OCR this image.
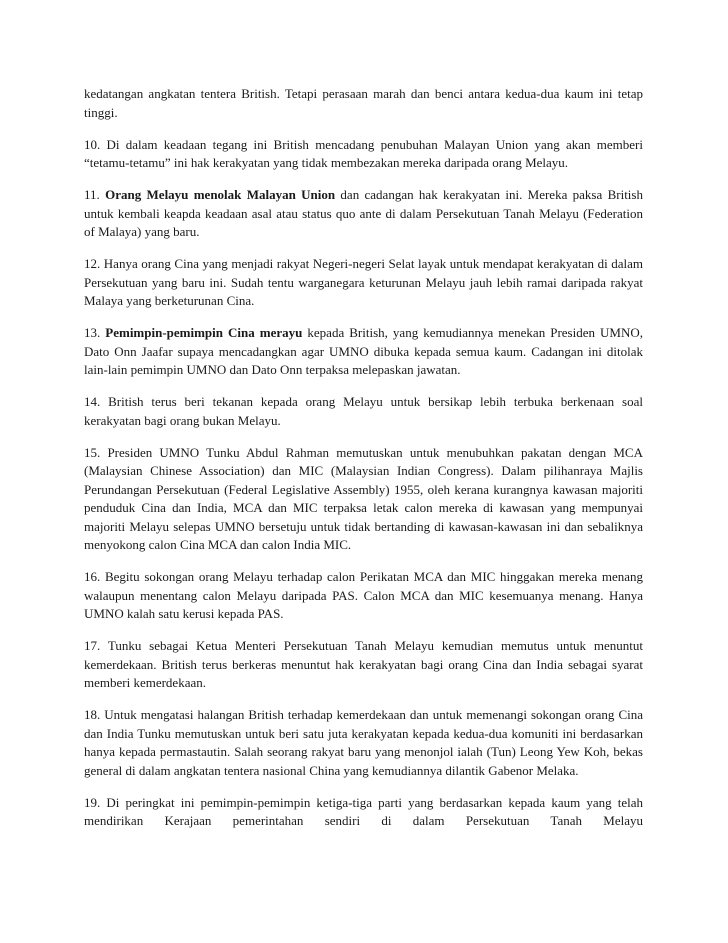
kedatangan angkatan tentera British. Tetapi perasaan marah dan benci antara kedua-dua kaum ini tetap tinggi.

10. Di dalam keadaan tegang ini British mencadang penubuhan Malayan Union yang akan memberi “tetamu-tetamu” ini hak kerakyatan yang tidak membezakan mereka daripada orang Melayu.

11. Orang Melayu menolak Malayan Union dan cadangan hak kerakyatan ini. Mereka paksa British untuk kembali keapda keadaan asal atau status quo ante di dalam Persekutuan Tanah Melayu (Federation of Malaya) yang baru.

12. Hanya orang Cina yang menjadi rakyat Negeri-negeri Selat layak untuk mendapat kerakyatan di dalam Persekutuan yang baru ini. Sudah tentu warganegara keturunan Melayu jauh lebih ramai daripada rakyat Malaya yang berketurunan Cina.

13. Pemimpin-pemimpin Cina merayu kepada British, yang kemudiannya menekan Presiden UMNO, Dato Onn Jaafar supaya mencadangkan agar UMNO dibuka kepada semua kaum. Cadangan ini ditolak lain-lain pemimpin UMNO dan Dato Onn terpaksa melepaskan jawatan.

14. British terus beri tekanan kepada orang Melayu untuk bersikap lebih terbuka berkenaan soal kerakyatan bagi orang bukan Melayu.

15. Presiden UMNO Tunku Abdul Rahman memutuskan untuk menubuhkan pakatan dengan MCA (Malaysian Chinese Association) dan MIC (Malaysian Indian Congress). Dalam pilihanraya Majlis Perundangan Persekutuan (Federal Legislative Assembly) 1955, oleh kerana kurangnya kawasan majoriti penduduk Cina dan India, MCA dan MIC terpaksa letak calon mereka di kawasan yang mempunyai majoriti Melayu selepas UMNO bersetuju untuk tidak bertanding di kawasan-kawasan ini dan sebaliknya menyokong calon Cina MCA dan calon India MIC.

16. Begitu sokongan orang Melayu terhadap calon Perikatan MCA dan MIC hinggakan mereka menang walaupun menentang calon Melayu daripada PAS. Calon MCA dan MIC kesemuanya menang. Hanya UMNO kalah satu kerusi kepada PAS.

17. Tunku sebagai Ketua Menteri Persekutuan Tanah Melayu kemudian memutus untuk menuntut kemerdekaan. British terus berkeras menuntut hak kerakyatan bagi orang Cina dan India sebagai syarat memberi kemerdekaan.

18. Untuk mengatasi halangan British terhadap kemerdekaan dan untuk memenangi sokongan orang Cina dan India Tunku memutuskan untuk beri satu juta kerakyatan kepada kedua-dua komuniti ini berdasarkan hanya kepada permastautin. Salah seorang rakyat baru yang menonjol ialah (Tun) Leong Yew Koh, bekas general di dalam angkatan tentera nasional China yang kemudiannya dilantik Gabenor Melaka.

19. Di peringkat ini pemimpin-pemimpin ketiga-tiga parti yang berdasarkan kepada kaum yang telah mendirikan Kerajaan pemerintahan sendiri di dalam Persekutuan Tanah Melayu
